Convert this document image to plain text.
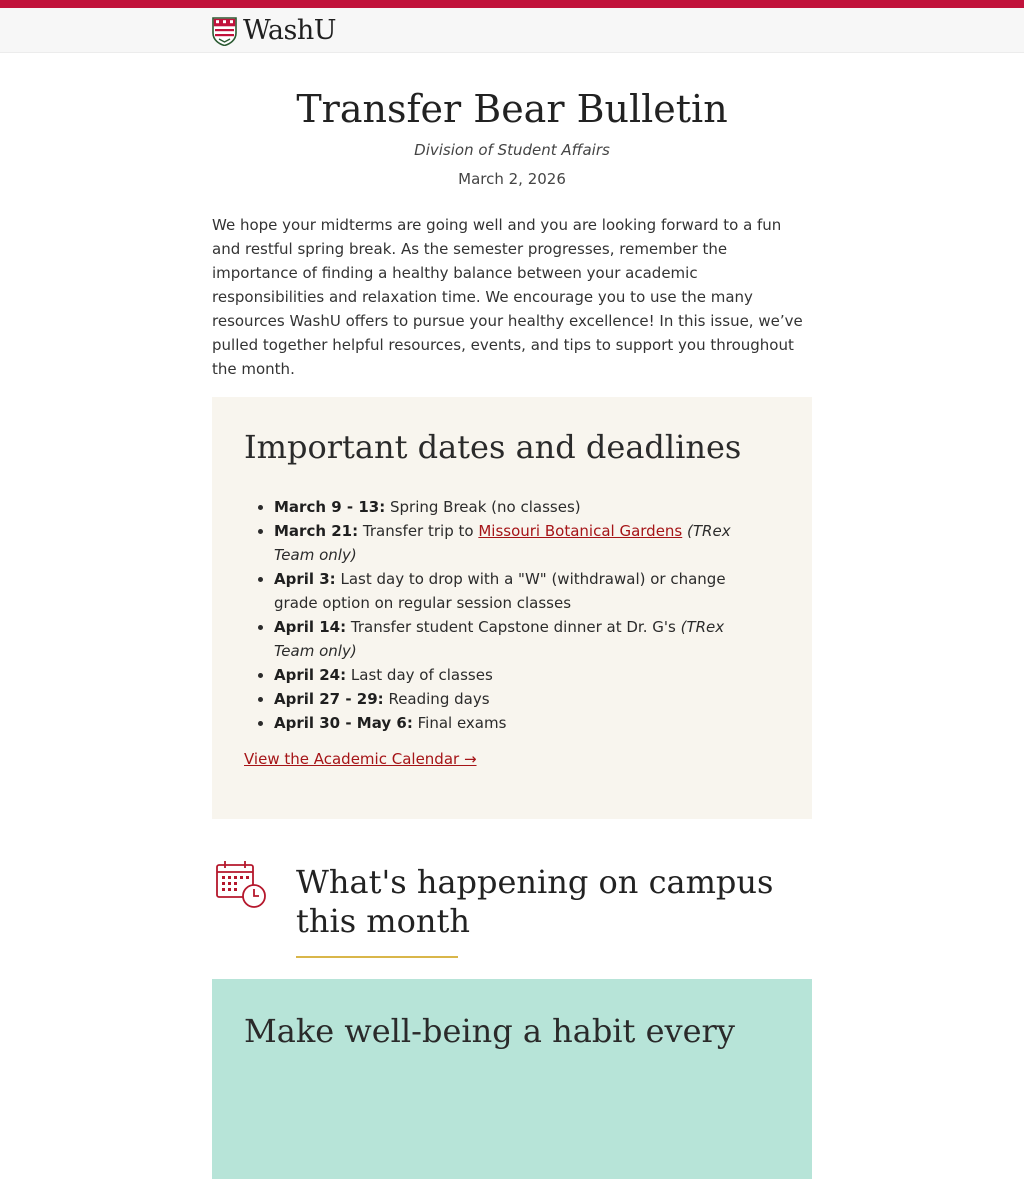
WashU
Transfer Bear Bulletin
Division of Student Affairs
March 2, 2026

We hope your midterms are going well and you are looking forward to a fun and restful spring break. As the semester progresses, remember the importance of finding a healthy balance between your academic responsibilities and relaxation time. We encourage you to use the many resources WashU offers to pursue your healthy excellence! In this issue, we’ve pulled together helpful resources, events, and tips to support you throughout the month.

Important dates and deadlines
• March 9 - 13: Spring Break (no classes)
• March 21: Transfer trip to Missouri Botanical Gardens (TRex Team only)
• April 3: Last day to drop with a "W" (withdrawal) or change grade option on regular session classes
• April 14: Transfer student Capstone dinner at Dr. G's (TRex Team only)
• April 24: Last day of classes
• April 27 - 29: Reading days
• April 30 - May 6: Final exams
View the Academic Calendar →
What's happening on campus this month
Make well-being a habit every
